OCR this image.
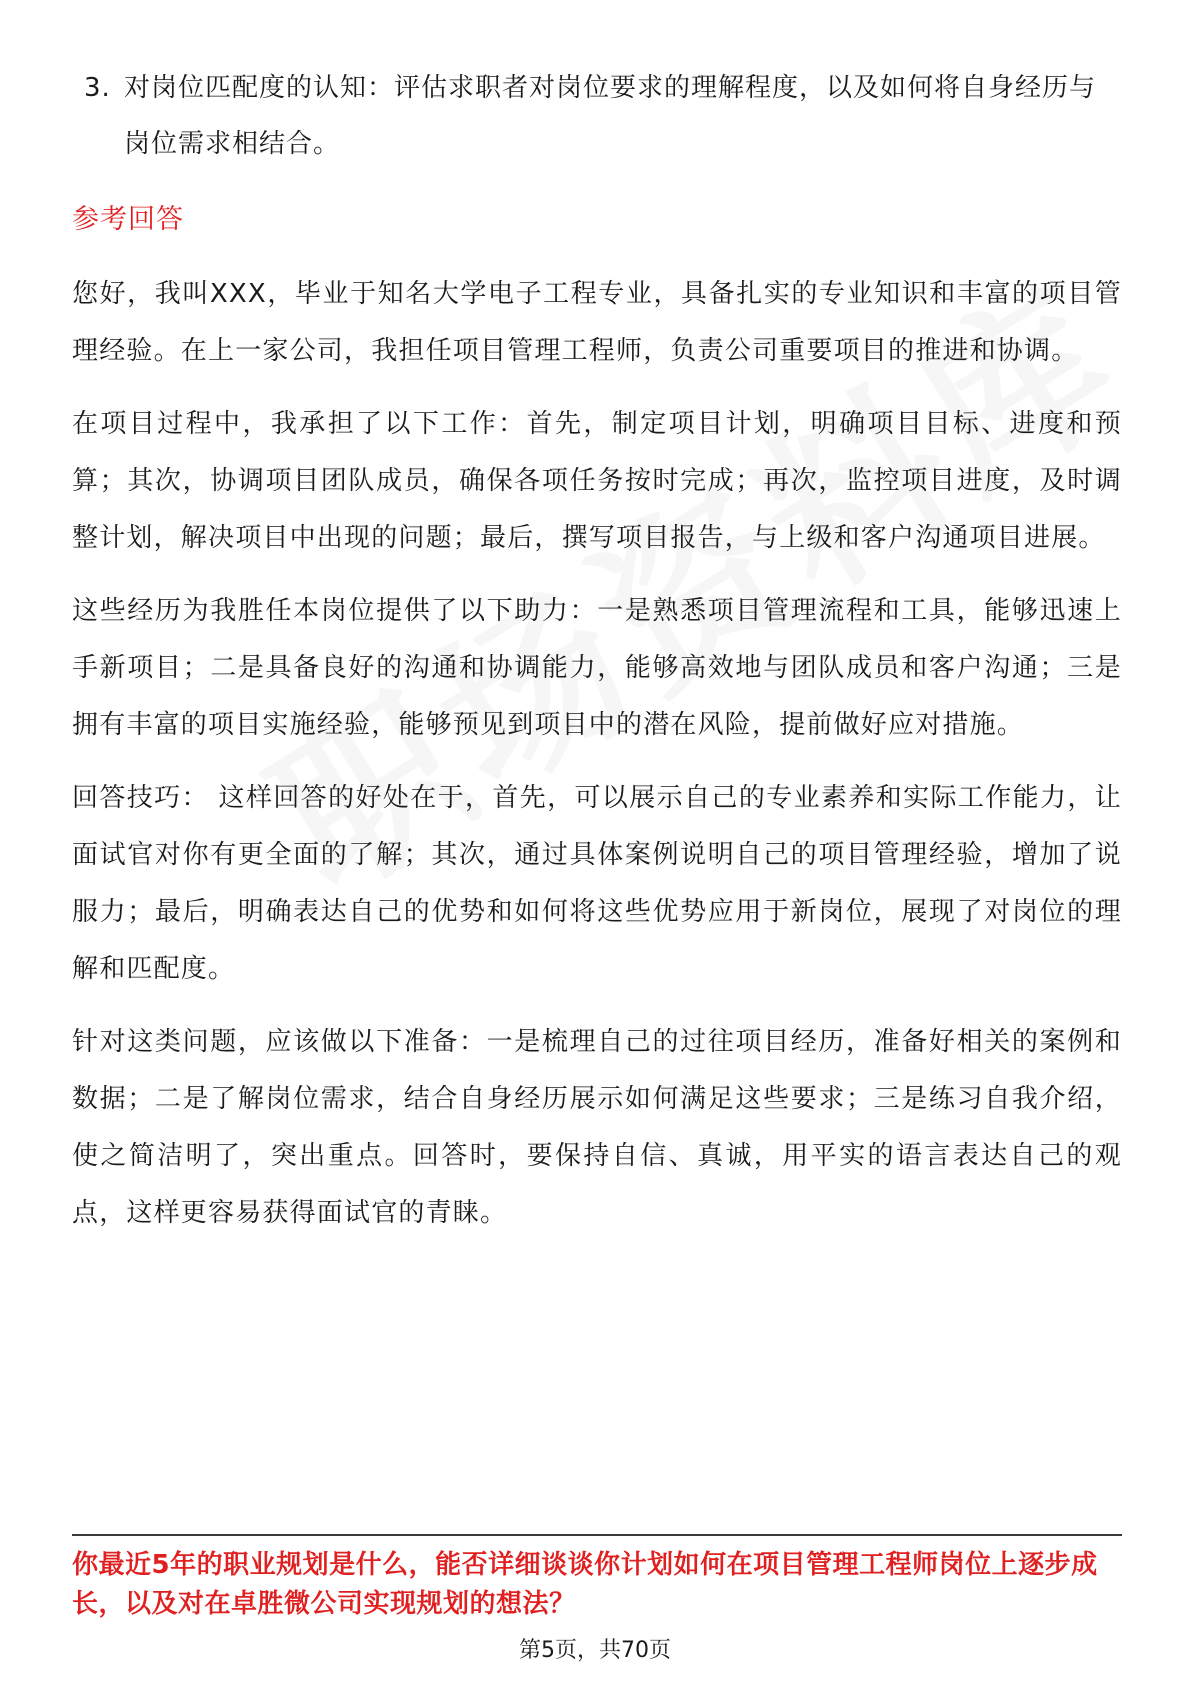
3. 对岗位匹配度的认知：评估求职者对岗位要求的理解程度，以及如何将自身经历与岗位需求相结合。
参考回答
您好，我叫XXX，毕业于知名大学电子工程专业，具备扎实的专业知识和丰富的项目管理经验。在上一家公司，我担任项目管理工程师，负责公司重要项目的推进和协调。
在项目过程中，我承担了以下工作：首先，制定项目计划，明确项目目标、进度和预算；其次，协调项目团队成员，确保各项任务按时完成；再次，监控项目进度，及时调整计划，解决项目中出现的问题；最后，撰写项目报告，与上级和客户沟通项目进展。
这些经历为我胜任本岗位提供了以下助力：一是熟悉项目管理流程和工具，能够迅速上手新项目；二是具备良好的沟通和协调能力，能够高效地与团队成员和客户沟通；三是拥有丰富的项目实施经验，能够预见到项目中的潜在风险，提前做好应对措施。
回答技巧： 这样回答的好处在于，首先，可以展示自己的专业素养和实际工作能力，让面试官对你有更全面的了解；其次，通过具体案例说明自己的项目管理经验，增加了说服力；最后，明确表达自己的优势和如何将这些优势应用于新岗位，展现了对岗位的理解和匹配度。
针对这类问题，应该做以下准备：一是梳理自己的过往项目经历，准备好相关的案例和数据；二是了解岗位需求，结合自身经历展示如何满足这些要求；三是练习自我介绍，使之简洁明了，突出重点。回答时，要保持自信、真诚，用平实的语言表达自己的观点，这样更容易获得面试官的青睐。
你最近5年的职业规划是什么，能否详细谈谈你计划如何在项目管理工程师岗位上逐步成长，以及对在卓胜微公司实现规划的想法？
第5页，共70页
